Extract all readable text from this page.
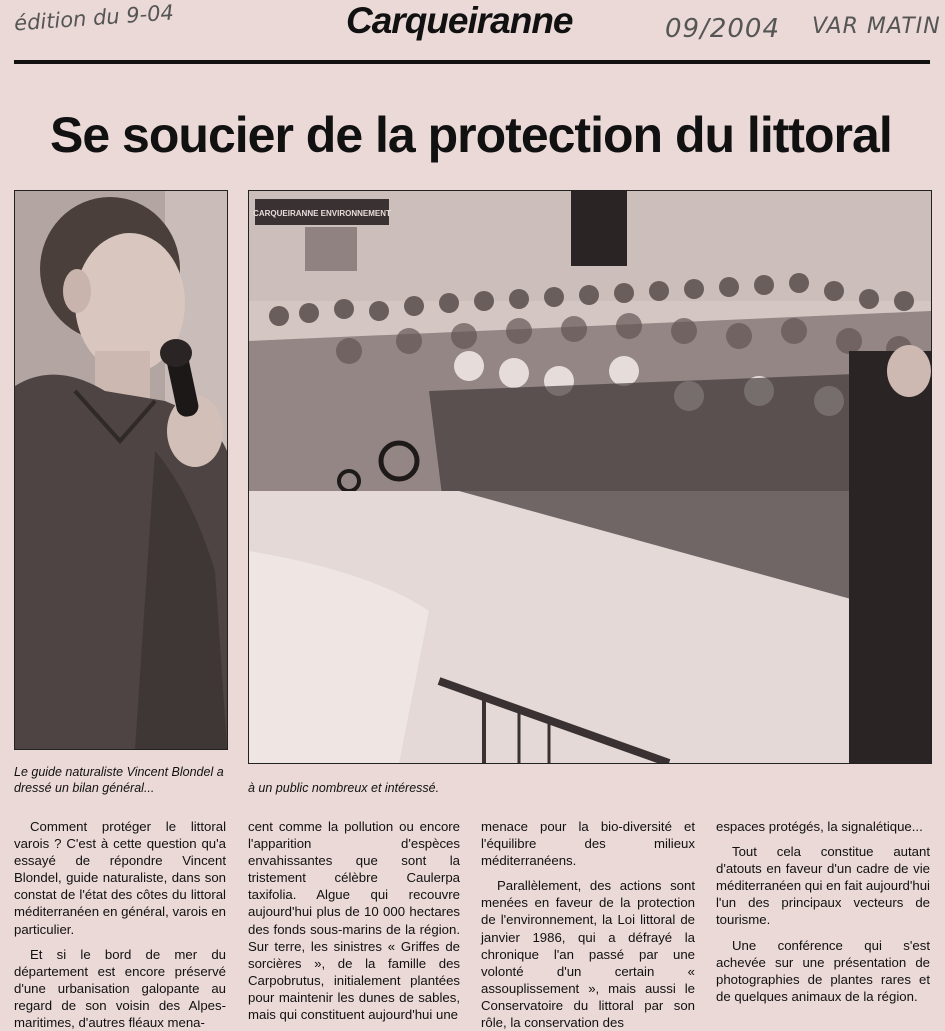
édition du 9-04	09/2004 VAR MATIN
Carqueiranne
Se soucier de la protection du littoral
CARQUEIRANNE ENVIRONNEMENT
Le guide naturaliste Vincent Blondel a dressé un bilan général...	à un public nombreux et intéressé.

Comment protéger le littoral varois ? C'est à cette question qu'a essayé de répondre Vincent Blondel, guide naturaliste, dans son constat de l'état des côtes du littoral méditerranéen en général, varois en particulier.

Et si le bord de mer du département est encore préservé d'une urbanisation galopante au regard de son voisin des Alpes-maritimes, d'autres fléaux mena-

cent comme la pollution ou encore l'apparition d'espèces envahissantes que sont la tristement célèbre Caulerpa taxifolia. Algue qui recouvre aujourd'hui plus de 10 000 hectares des fonds sous-marins de la région. Sur terre, les sinistres « Griffes de sorcières », de la famille des Carpobrutus, initialement plantées pour maintenir les dunes de sables, mais qui constituent aujourd'hui une

menace pour la bio-diversité et l'équilibre des milieux méditerranéens.

Parallèlement, des actions sont menées en faveur de la protection de l'environnement, la Loi littoral de janvier 1986, qui a défrayé la chronique l'an passé par une volonté d'un certain « assouplissement », mais aussi le Conservatoire du littoral par son rôle, la conservation des

espaces protégés, la signalétique...

Tout cela constitue autant d'atouts en faveur d'un cadre de vie méditerranéen qui en fait aujourd'hui l'un des principaux vecteurs de tourisme.

Une conférence qui s'est achevée sur une présentation de photographies de plantes rares et de quelques animaux de la région.
